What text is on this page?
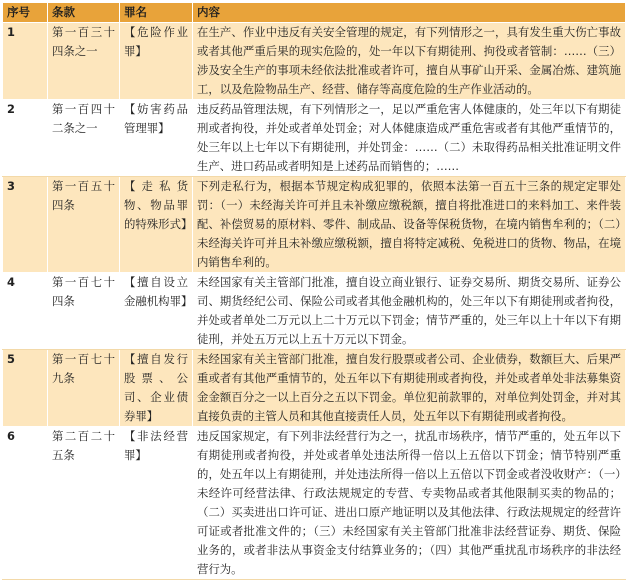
序号	条款	罪名	内容
1	第一百三十四条之一	【危险作业罪】	在生产、作业中违反有关安全管理的规定，有下列情形之一，具有发生重大伤亡事故或者其他严重后果的现实危险的，处一年以下有期徒刑、拘役或者管制：……（三）涉及安全生产的事项未经依法批准或者许可，擅自从事矿山开采、金属冶炼、建筑施工，以及危险物品生产、经营、储存等高度危险的生产作业活动的。
2	第一百四十二条之一	【妨害药品管理罪】	违反药品管理法规，有下列情形之一，足以严重危害人体健康的，处三年以下有期徒刑或者拘役，并处或者单处罚金；对人体健康造成严重危害或者有其他严重情节的，处三年以上七年以下有期徒刑，并处罚金：……（二）未取得药品相关批准证明文件生产、进口药品或者明知是上述药品而销售的；……
3	第一百五十四条	【走私货物、物品罪的特殊形式】	下列走私行为，根据本节规定构成犯罪的，依照本法第一百五十三条的规定定罪处罚：（一）未经海关许可并且未补缴应缴税额，擅自将批准进口的来料加工、来件装配、补偿贸易的原材料、零件、制成品、设备等保税货物，在境内销售牟利的；（二）未经海关许可并且未补缴应缴税额，擅自将特定减税、免税进口的货物、物品，在境内销售牟利的。
4	第一百七十四条	【擅自设立金融机构罪】	未经国家有关主管部门批准，擅自设立商业银行、证券交易所、期货交易所、证券公司、期货经纪公司、保险公司或者其他金融机构的，处三年以下有期徒刑或者拘役，并处或者单处二万元以上二十万元以下罚金；情节严重的，处三年以上十年以下有期徒刑，并处五万元以上五十万元以下罚金。
5	第一百七十九条	【擅自发行股票、公司、企业债券罪】	未经国家有关主管部门批准，擅自发行股票或者公司、企业债券，数额巨大、后果严重或者有其他严重情节的，处五年以下有期徒刑或者拘役，并处或者单处非法募集资金金额百分之一以上百分之五以下罚金。单位犯前款罪的，对单位判处罚金，并对其直接负责的主管人员和其他直接责任人员，处五年以下有期徒刑或者拘役。
6	第二百二十五条	【非法经营罪】	违反国家规定，有下列非法经营行为之一，扰乱市场秩序，情节严重的，处五年以下有期徒刑或者拘役，并处或者单处违法所得一倍以上五倍以下罚金；情节特别严重的，处五年以上有期徒刑，并处违法所得一倍以上五倍以下罚金或者没收财产：（一）未经许可经营法律、行政法规规定的专营、专卖物品或者其他限制买卖的物品的；（二）买卖进出口许可证、进出口原产地证明以及其他法律、行政法规规定的经营许可证或者批准文件的；（三）未经国家有关主管部门批准非法经营证券、期货、保险业务的，或者非法从事资金支付结算业务的；（四）其他严重扰乱市场秩序的非法经营行为。
